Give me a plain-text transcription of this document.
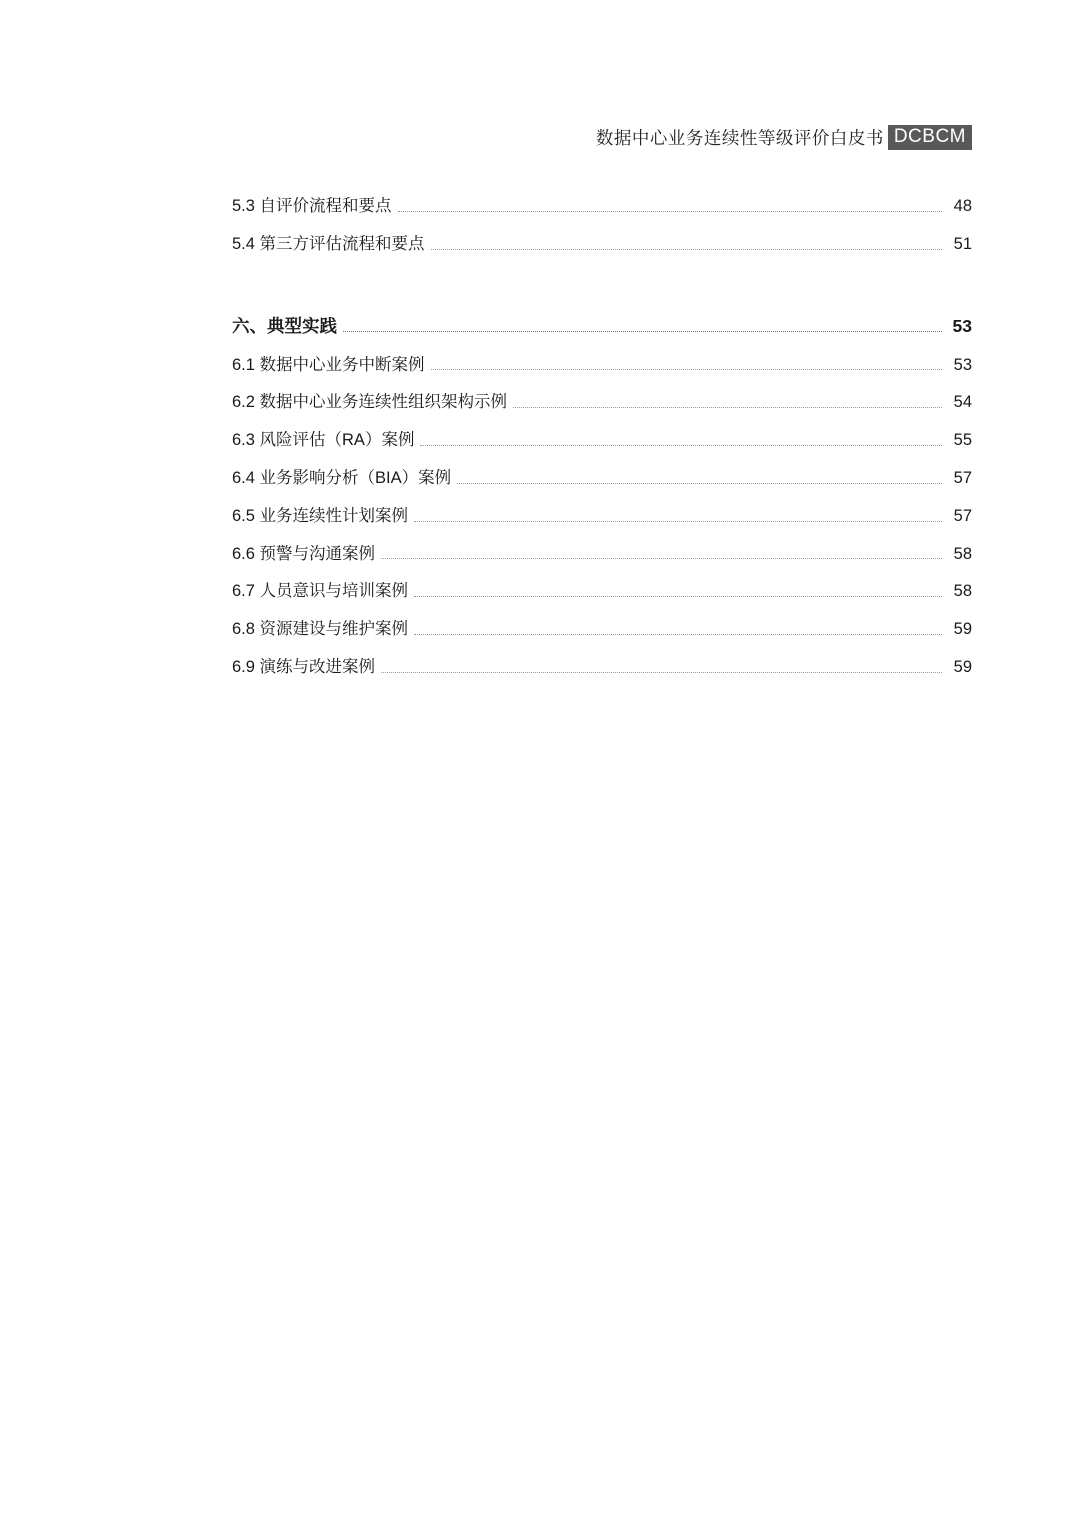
数据中心业务连续性等级评价白皮书 DCBCM
5.3 自评价流程和要点	48
5.4 第三方评估流程和要点	51
六、典型实践	53
6.1 数据中心业务中断案例	53
6.2 数据中心业务连续性组织架构示例	54
6.3 风险评估（RA）案例	55
6.4 业务影响分析（BIA）案例	57
6.5 业务连续性计划案例	57
6.6 预警与沟通案例	58
6.7 人员意识与培训案例	58
6.8 资源建设与维护案例	59
6.9 演练与改进案例	59
